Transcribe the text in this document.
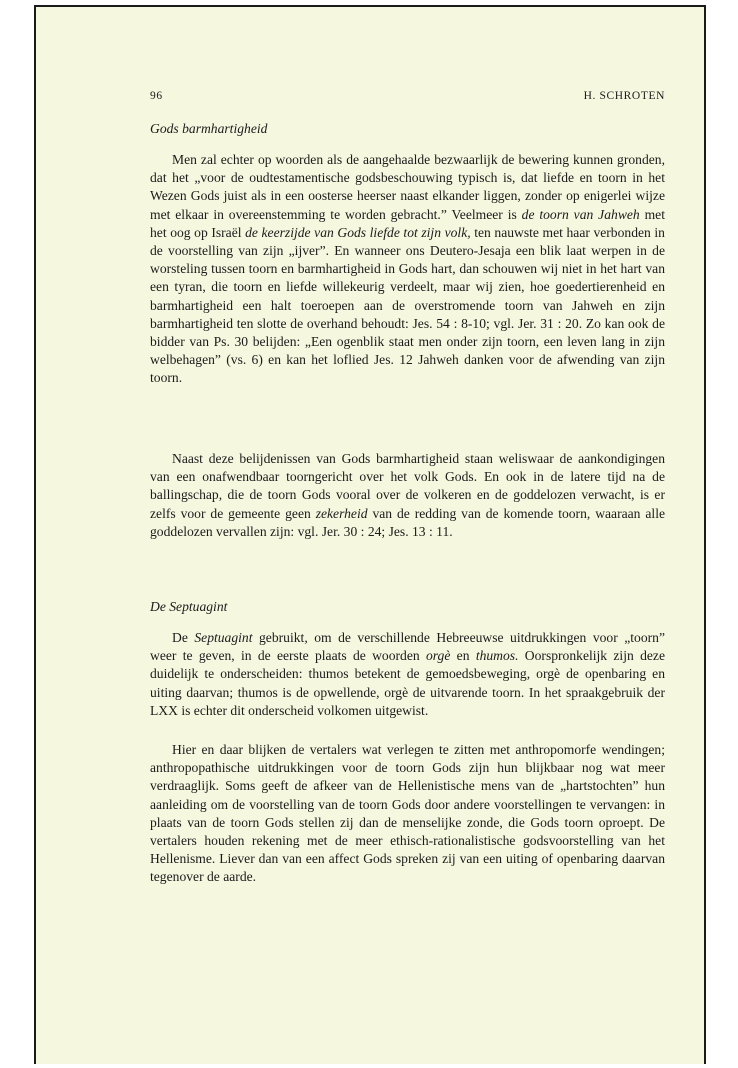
96	H. SCHROTEN
Gods barmhartigheid

Men zal echter op woorden als de aangehaalde bezwaarlijk de bewering kunnen gronden, dat het „voor de oudtestamentische godsbeschouwing typisch is, dat liefde en toorn in het Wezen Gods juist als in een oosterse heerser naast elkander liggen, zonder op enigerlei wijze met elkaar in overeenstemming te worden gebracht.” Veelmeer is de toorn van Jahweh met het oog op Israël de keerzijde van Gods liefde tot zijn volk, ten nauwste met haar verbonden in de voorstelling van zijn „ijver”. En wanneer ons Deutero-Jesaja een blik laat werpen in de worsteling tussen toorn en barmhartigheid in Gods hart, dan schouwen wij niet in het hart van een tyran, die toorn en liefde willekeurig verdeelt, maar wij zien, hoe goedertierenheid en barmhartigheid een halt toeroepen aan de overstromende toorn van Jahweh en zijn barmhartigheid ten slotte de overhand behoudt: Jes. 54 : 8-10; vgl. Jer. 31 : 20. Zo kan ook de bidder van Ps. 30 belijden: „Een ogenblik staat men onder zijn toorn, een leven lang in zijn welbehagen” (vs. 6) en kan het loflied Jes. 12 Jahweh danken voor de afwending van zijn toorn.

Naast deze belijdenissen van Gods barmhartigheid staan weliswaar de aankondigingen van een onafwendbaar toorngericht over het volk Gods. En ook in de latere tijd na de ballingschap, die de toorn Gods vooral over de volkeren en de goddelozen verwacht, is er zelfs voor de gemeente geen zekerheid van de redding van de komende toorn, waaraan alle goddelozen vervallen zijn: vgl. Jer. 30 : 24; Jes. 13 : 11.

De Septuagint

De Septuagint gebruikt, om de verschillende Hebreeuwse uitdrukkingen voor „toorn” weer te geven, in de eerste plaats de woorden orgè en thumos. Oorspronkelijk zijn deze duidelijk te onderscheiden: thumos betekent de gemoedsbeweging, orgè de openbaring en uiting daarvan; thumos is de opwellende, orgè de uitvarende toorn. In het spraakgebruik der LXX is echter dit onderscheid volkomen uitgewist.

Hier en daar blijken de vertalers wat verlegen te zitten met anthropomorfe wendingen; anthropopathische uitdrukkingen voor de toorn Gods zijn hun blijkbaar nog wat meer verdraaglijk. Soms geeft de afkeer van de Hellenistische mens van de „hartstochten” hun aanleiding om de voorstelling van de toorn Gods door andere voorstellingen te vervangen: in plaats van de toorn Gods stellen zij dan de menselijke zonde, die Gods toorn oproept. De vertalers houden rekening met de meer ethisch-rationalistische godsvoorstelling van het Hellenisme. Liever dan van een affect Gods spreken zij van een uiting of openbaring daarvan tegenover de aarde.
